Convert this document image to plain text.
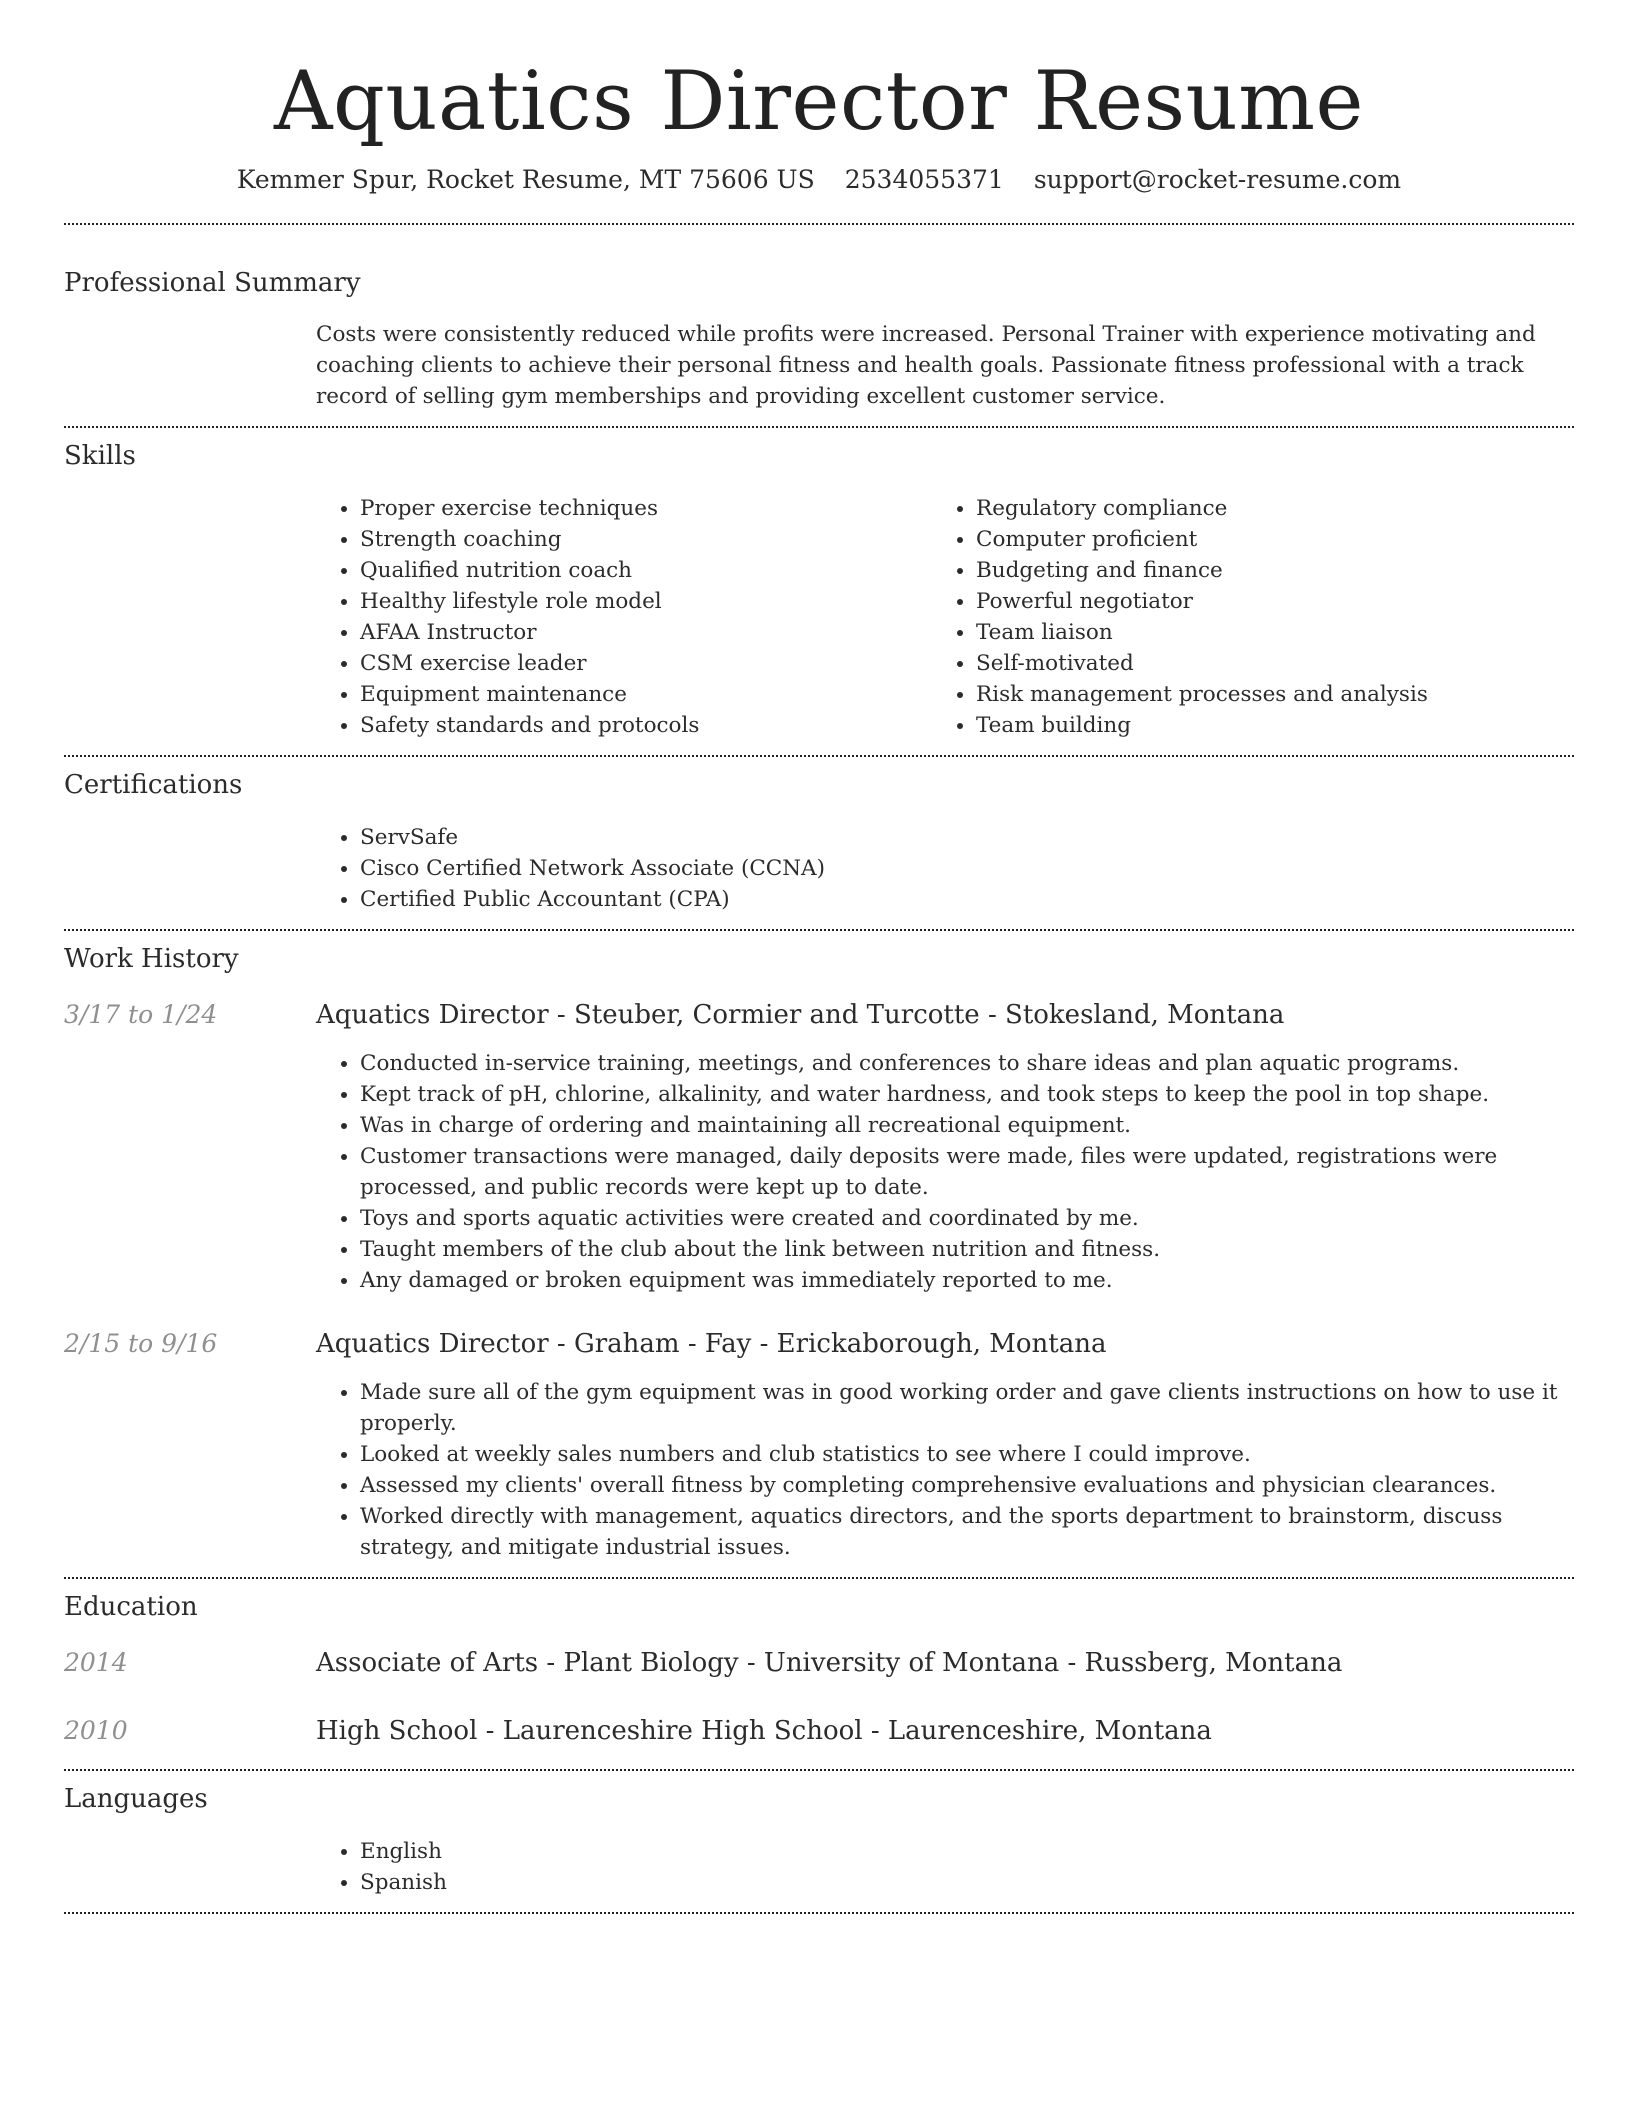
Aquatics Director Resume
Kemmer Spur, Rocket Resume, MT 75606 US 2534055371 support@rocket-resume.com
Professional Summary

Costs were consistently reduced while profits were increased. Personal Trainer with experience motivating and coaching clients to achieve their personal fitness and health goals. Passionate fitness professional with a track record of selling gym memberships and providing excellent customer service.

Skills
• Proper exercise techniques
• Strength coaching
• Qualified nutrition coach
• Healthy lifestyle role model
• AFAA Instructor
• CSM exercise leader
• Equipment maintenance
• Safety standards and protocols
• Regulatory compliance
• Computer proficient
• Budgeting and finance
• Powerful negotiator
• Team liaison
• Self-motivated
• Risk management processes and analysis
• Team building
Certifications
• ServSafe
• Cisco Certified Network Associate (CCNA)
• Certified Public Accountant (CPA)
Work History
3/17 to 1/24	Aquatics Director - Steuber, Cormier and Turcotte - Stokesland, Montana
• Conducted in-service training, meetings, and conferences to share ideas and plan aquatic programs.
• Kept track of pH, chlorine, alkalinity, and water hardness, and took steps to keep the pool in top shape.
• Was in charge of ordering and maintaining all recreational equipment.
• Customer transactions were managed, daily deposits were made, files were updated, registrations were processed, and public records were kept up to date.
• Toys and sports aquatic activities were created and coordinated by me.
• Taught members of the club about the link between nutrition and fitness.
• Any damaged or broken equipment was immediately reported to me.
2/15 to 9/16	Aquatics Director - Graham - Fay - Erickaborough, Montana
• Made sure all of the gym equipment was in good working order and gave clients instructions on how to use it properly.
• Looked at weekly sales numbers and club statistics to see where I could improve.
• Assessed my clients' overall fitness by completing comprehensive evaluations and physician clearances.
• Worked directly with management, aquatics directors, and the sports department to brainstorm, discuss strategy, and mitigate industrial issues.
Education
2014	Associate of Arts - Plant Biology - University of Montana - Russberg, Montana
2010	High School - Laurenceshire High School - Laurenceshire, Montana
Languages
• English
• Spanish
